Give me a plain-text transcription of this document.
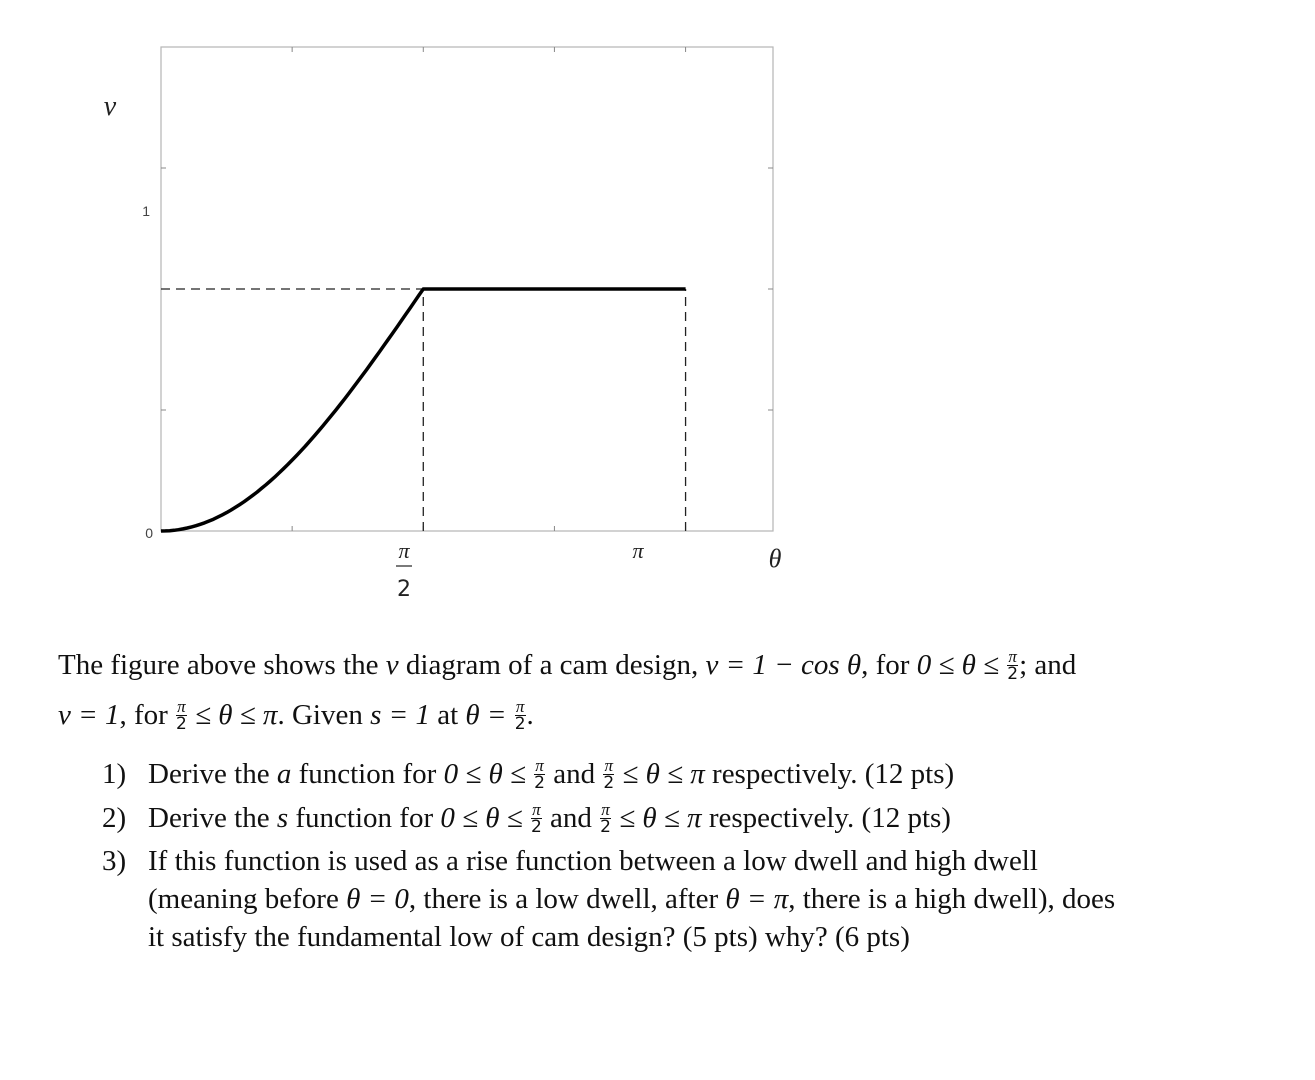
1
0
v
θ
π
2
π

The figure above shows the v diagram of a cam design, v = 1 − cos θ, for $0 \le \theta \le \frac{\pi}{2}$ ; and

v = 1, for $\frac{\pi}{2} \le \theta \le \pi$. Given s = 1 at $\theta = \frac{\pi}{2}$ .

1) Derive the a function for $0 \le \theta \le \frac{\pi}{2}$ and $\frac{\pi}{2} \le \theta \le \pi$ respectively. (12 pts)
2) Derive the s function for $0 \le \theta \le \frac{\pi}{2}$ and $\frac{\pi}{2} \le \theta \le \pi$ respectively. (12 pts)
3) If this function is used as a rise function between a low dwell and high dwell
(meaning before θ = 0, there is a low dwell, after θ = π, there is a high dwell), does
it satisfy the fundamental low of cam design? (5 pts) why? (6 pts)
